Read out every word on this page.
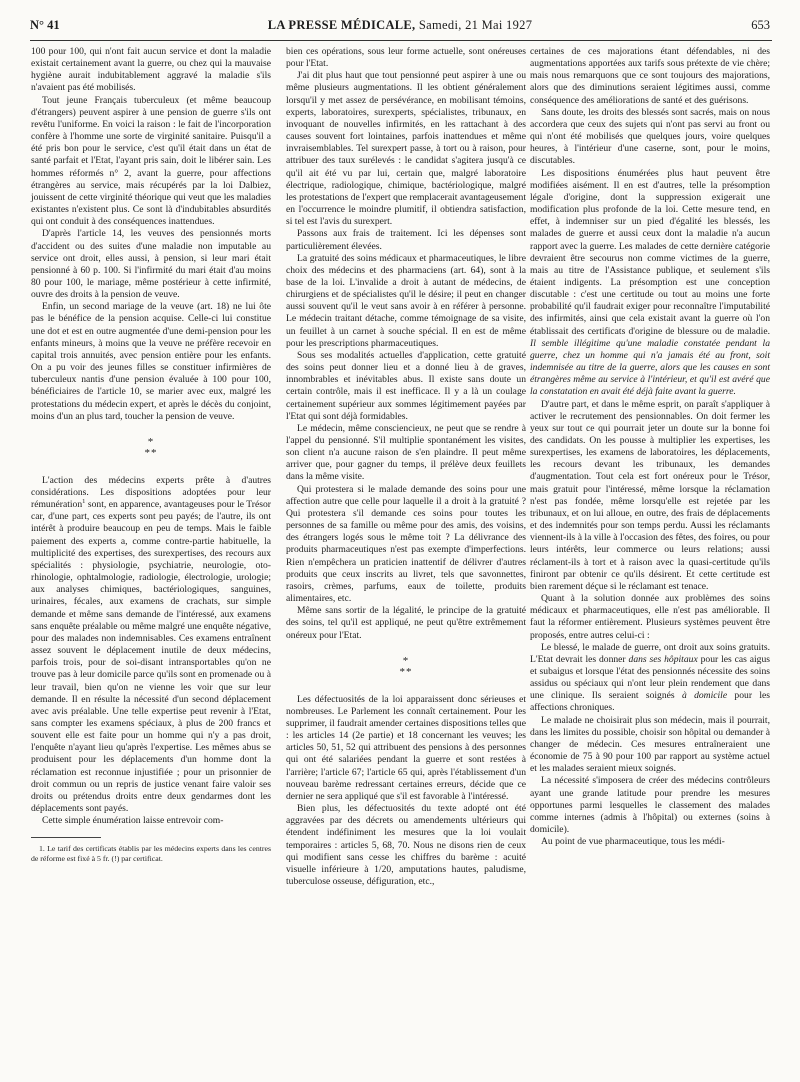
N° 41	LA PRESSE MÉDICALE, Samedi, 21 Mai 1927	653

100 pour 100, qui n'ont fait aucun service et dont la maladie existait certainement avant la guerre, ou chez qui la mauvaise hygiène aurait indubitablement aggravé la maladie s'ils n'avaient pas été mobilisés.

Tout jeune Français tuberculeux (et même beaucoup d'étrangers) peuvent aspirer à une pension de guerre s'ils ont revêtu l'uniforme. En voici la raison : le fait de l'incorporation confère à l'homme une sorte de virginité sanitaire. Puisqu'il a été pris bon pour le service, c'est qu'il était dans un état de santé parfait et l'Etat, l'ayant pris sain, doit le libérer sain. Les hommes réformés n° 2, avant la guerre, pour affections étrangères au service, mais récupérés par la loi Dalbiez, jouissent de cette virginité théorique qui veut que les maladies existantes n'existent plus. Ce sont là d'indubitables absurdités qui ont conduit à des conséquences inattendues.

D'après l'article 14, les veuves des pensionnés morts d'accident ou des suites d'une maladie non imputable au service ont droit, elles aussi, à pension, si leur mari était pensionné à 60 p. 100. Si l'infirmité du mari était d'au moins 80 pour 100, le mariage, même postérieur à cette infirmité, ouvre des droits à la pension de veuve.

Enfin, un second mariage de la veuve (art. 18) ne lui ôte pas le bénéfice de la pension acquise. Celle-ci lui constitue une dot et est en outre augmentée d'une demi-pension pour les enfants mineurs, à moins que la veuve ne préfère recevoir en capital trois annuités, avec pension entière pour les enfants. On a pu voir des jeunes filles se constituer infirmières de tuberculeux nantis d'une pension évaluée à 100 pour 100, bénéficiaires de l'article 10, se marier avec eux, malgré les protestations du médecin expert, et après le décès du conjoint, moins d'un an plus tard, toucher la pension de veuve.

*
**

L'action des médecins experts prête à d'autres considérations. Les dispositions adoptées pour leur rémunération$^1$ sont, en apparence, avantageuses pour le Trésor car, d'une part, ces experts sont peu payés; de l'autre, ils ont intérêt à produire beaucoup en peu de temps. Mais le faible paiement des experts a, comme contre-partie habituelle, la multiplicité des expertises, des surexpertises, des recours aux spécialités : physiologie, psychiatrie, neurologie, oto-rhinologie, ophtalmologie, radiologie, électrologie, urologie; aux analyses chimiques, bactériologiques, sanguines, urinaires, fécales, aux examens de crachats, sur simple demande et même sans demande de l'intéressé, aux examens sans enquête préalable ou même malgré une enquête négative, pour des malades non indemnisables. Ces examens entraînent assez souvent le déplacement inutile de deux médecins, parfois trois, pour de soi-disant intransportables qu'on ne trouve pas à leur domicile parce qu'ils sont en promenade ou à leur travail, bien qu'on ne vienne les voir que sur leur demande. Il en résulte la nécessité d'un second déplacement avec avis préalable. Une telle expertise peut revenir à l'Etat, sans compter les examens spéciaux, à plus de 200 francs et souvent elle est faite pour un homme qui n'y a pas droit, l'enquête n'ayant lieu qu'après l'expertise. Les mêmes abus se produisent pour les déplacements d'un homme dont la réclamation est reconnue injustifiée ; pour un prisonnier de droit commun ou un repris de justice venant faire valoir ses droits ou prétendus droits entre deux gendarmes dont les déplacements sont payés.

Cette simple énumération laisse entrevoir com-

1. Le tarif des certificats établis par les médecins experts dans les centres de réforme est fixé à 5 fr. (!) par certificat.

bien ces opérations, sous leur forme actuelle, sont onéreuses pour l'Etat.

J'ai dit plus haut que tout pensionné peut aspirer à une ou même plusieurs augmentations. Il les obtient généralement lorsqu'il y met assez de persévérance, en mobilisant témoins, experts, laboratoires, surexperts, spécialistes, tribunaux, en invoquant de nouvelles infirmités, en les rattachant à des causes souvent fort lointaines, parfois inattendues et même invraisemblables. Tel surexpert passe, à tort ou à raison, pour attribuer des taux surélevés : le candidat s'agitera jusqu'à ce qu'il ait été vu par lui, certain que, malgré laboratoire électrique, radiologique, chimique, bactériologique, malgré les protestations de l'expert que remplacerait avantageusement en l'occurrence le moindre plumitif, il obtiendra satisfaction, si tel est l'avis du surexpert.

Passons aux frais de traitement. Ici les dépenses sont particulièrement élevées.

La gratuité des soins médicaux et pharmaceutiques, le libre choix des médecins et des pharmaciens (art. 64), sont à la base de la loi. L'invalide a droit à autant de médecins, de chirurgiens et de spécialistes qu'il le désire; il peut en changer aussi souvent qu'il le veut sans avoir à en référer à personne. Le médecin traitant détache, comme témoignage de sa visite, un feuillet à un carnet à souche spécial. Il en est de même pour les prescriptions pharmaceutiques.

Sous ses modalités actuelles d'application, cette gratuité des soins peut donner lieu et a donné lieu à de graves, innombrables et inévitables abus. Il existe sans doute un certain contrôle, mais il est inefficace. Il y a là un coulage certainement supérieur aux sommes légitimement payées par l'Etat qui sont déjà formidables.

Le médecin, même consciencieux, ne peut que se rendre à l'appel du pensionné. S'il multiplie spontanément les visites, son client n'a aucune raison de s'en plaindre. Il peut même arriver que, pour gagner du temps, il prélève deux feuillets dans la même visite.

Qui protestera si le malade demande des soins pour une affection autre que celle pour laquelle il a droit à la gratuité ? Qui protestera s'il demande ces soins pour toutes les personnes de sa famille ou même pour des amis, des voisins, des étrangers logés sous le même toit ? La délivrance des produits pharmaceutiques n'est pas exempte d'imperfections. Rien n'empêchera un praticien inattentif de délivrer d'autres produits que ceux inscrits au livret, tels que savonnettes, rasoirs, crèmes, parfums, eaux de toilette, produits alimentaires, etc.

Même sans sortir de la légalité, le principe de la gratuité des soins, tel qu'il est appliqué, ne peut qu'être extrêmement onéreux pour l'Etat.

*
**

Les défectuosités de la loi apparaissent donc sérieuses et nombreuses. Le Parlement les connaît certainement. Pour les supprimer, il faudrait amender certaines dispositions telles que : les articles 14 (2e partie) et 18 concernant les veuves; les articles 50, 51, 52 qui attribuent des pensions à des personnes qui ont été salariées pendant la guerre et sont restées à l'arrière; l'article 67; l'article 65 qui, après l'établissement d'un nouveau barème redressant certaines erreurs, décide que ce dernier ne sera appliqué que s'il est favorable à l'intéressé.

Bien plus, les défectuosités du texte adopté ont été aggravées par des décrets ou amendements ultérieurs qui étendent indéfiniment les mesures que la loi voulait temporaires : articles 5, 68, 70. Nous ne disons rien de ceux qui modifient sans cesse les chiffres du barème : acuité visuelle inférieure à 1/20, amputations hautes, paludisme, tuberculose osseuse, défiguration, etc.,

certaines de ces majorations étant défendables, ni des augmentations apportées aux tarifs sous prétexte de vie chère; mais nous remarquons que ce sont toujours des majorations, alors que des diminutions seraient légitimes aussi, comme conséquence des améliorations de santé et des guérisons.

Sans doute, les droits des blessés sont sacrés, mais on nous accordera que ceux des sujets qui n'ont pas servi au front ou qui n'ont été mobilisés que quelques jours, voire quelques heures, à l'intérieur d'une caserne, sont, pour le moins, discutables.

Les dispositions énumérées plus haut peuvent être modifiées aisément. Il en est d'autres, telle la présomption légale d'origine, dont la suppression exigerait une modification plus profonde de la loi. Cette mesure tend, en effet, à indemniser sur un pied d'égalité les blessés, les malades de guerre et aussi ceux dont la maladie n'a aucun rapport avec la guerre. Les malades de cette dernière catégorie devraient être secourus non comme victimes de la guerre, mais au titre de l'Assistance publique, et seulement s'ils étaient indigents. La présomption est une conception discutable : c'est une certitude ou tout au moins une forte probabilité qu'il faudrait exiger pour reconnaître l'imputabilité des infirmités, ainsi que cela existait avant la guerre où l'on établissait des certificats d'origine de blessure ou de maladie. Il semble illégitime qu'une maladie constatée pendant la guerre, chez un homme qui n'a jamais été au front, soit indemnisée au titre de la guerre, alors que les causes en sont étrangères même au service à l'intérieur, et qu'il est avéré que la constatation en avait été déjà faite avant la guerre.

D'autre part, et dans le même esprit, on paraît s'appliquer à activer le recrutement des pensionnables. On doit fermer les yeux sur tout ce qui pourrait jeter un doute sur la bonne foi des candidats. On les pousse à multiplier les expertises, les surexpertises, les examens de laboratoires, les déplacements, les recours devant les tribunaux, les demandes d'augmentation. Tout cela est fort onéreux pour le Trésor, mais gratuit pour l'intéressé, même lorsque la réclamation n'est pas fondée, même lorsqu'elle est rejetée par les tribunaux, et on lui alloue, en outre, des frais de déplacements et des indemnités pour son temps perdu. Aussi les réclamants viennent-ils à la ville à l'occasion des fêtes, des foires, ou pour leurs intérêts, leur commerce ou leurs relations; aussi réclament-ils à tort et à raison avec la quasi-certitude qu'ils finiront par obtenir ce qu'ils désirent. Et cette certitude est bien rarement déçue si le réclamant est tenace.

Quant à la solution donnée aux problèmes des soins médicaux et pharmaceutiques, elle n'est pas améliorable. Il faut la réformer entièrement. Plusieurs systèmes peuvent être proposés, entre autres celui-ci :

Le blessé, le malade de guerre, ont droit aux soins gratuits. L'Etat devrait les donner dans ses hôpitaux pour les cas aigus et subaigus et lorsque l'état des pensionnés nécessite des soins assidus ou spéciaux qui n'ont leur plein rendement que dans une clinique. Ils seraient soignés à domicile pour les affections chroniques.

Le malade ne choisirait plus son médecin, mais il pourrait, dans les limites du possible, choisir son hôpital ou demander à changer de médecin. Ces mesures entraîneraient une économie de 75 à 90 pour 100 par rapport au système actuel et les malades seraient mieux soignés.

La nécessité s'imposera de créer des médecins contrôleurs ayant une grande latitude pour prendre les mesures opportunes parmi lesquelles le classement des malades comme internes (admis à l'hôpital) ou externes (soins à domicile).

Au point de vue pharmaceutique, tous les médi-
